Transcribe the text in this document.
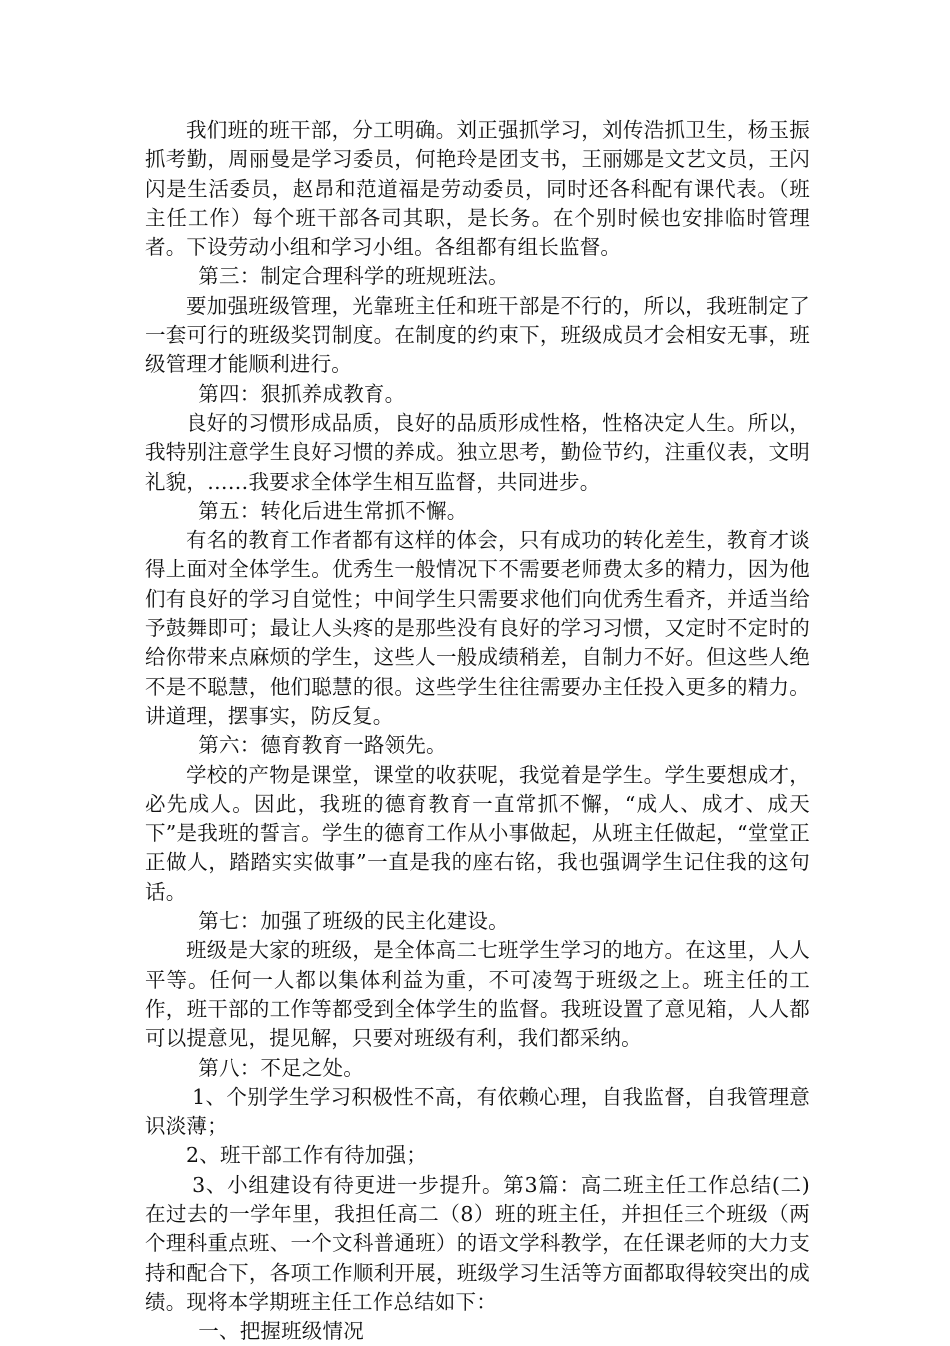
我们班的班干部，分工明确。刘正强抓学习，刘传浩抓卫生，杨玉振抓考勤，周丽曼是学习委员，何艳玲是团支书，王丽娜是文艺文员，王闪闪是生活委员，赵昂和范道福是劳动委员，同时还各科配有课代表。（班主任工作）每个班干部各司其职，是长务。在个别时候也安排临时管理者。下设劳动小组和学习小组。各组都有组长监督。

第三：制定合理科学的班规班法。

要加强班级管理，光靠班主任和班干部是不行的，所以，我班制定了一套可行的班级奖罚制度。在制度的约束下，班级成员才会相安无事，班级管理才能顺利进行。

第四：狠抓养成教育。

良好的习惯形成品质，良好的品质形成性格，性格决定人生。所以，我特别注意学生良好习惯的养成。独立思考，勤俭节约，注重仪表，文明礼貌，……我要求全体学生相互监督，共同进步。

第五：转化后进生常抓不懈。

有名的教育工作者都有这样的体会，只有成功的转化差生，教育才谈得上面对全体学生。优秀生一般情况下不需要老师费太多的精力，因为他们有良好的学习自觉性；中间学生只需要求他们向优秀生看齐，并适当给予鼓舞即可；最让人头疼的是那些没有良好的学习习惯，又定时不定时的给你带来点麻烦的学生，这些人一般成绩稍差，自制力不好。但这些人绝不是不聪慧，他们聪慧的很。这些学生往往需要办主任投入更多的精力。讲道理，摆事实，防反复。

第六：德育教育一路领先。

学校的产物是课堂，课堂的收获呢，我觉着是学生。学生要想成才，必先成人。因此，我班的德育教育一直常抓不懈，“成人、成才、成天下”是我班的誓言。学生的德育工作从小事做起，从班主任做起，“堂堂正正做人，踏踏实实做事”一直是我的座右铭，我也强调学生记住我的这句话。

第七：加强了班级的民主化建设。

班级是大家的班级，是全体高二七班学生学习的地方。在这里，人人平等。任何一人都以集体利益为重，不可凌驾于班级之上。班主任的工作，班干部的工作等都受到全体学生的监督。我班设置了意见箱，人人都可以提意见，提见解，只要对班级有利，我们都采纳。

第八：不足之处。

1、个别学生学习积极性不高，有依赖心理，自我监督，自我管理意识淡薄；

2、班干部工作有待加强；

3、小组建设有待更进一步提升。第3篇：高二班主任工作总结(二)在过去的一学年里，我担任高二（8）班的班主任，并担任三个班级（两个理科重点班、一个文科普通班）的语文学科教学，在任课老师的大力支持和配合下，各项工作顺利开展，班级学习生活等方面都取得较突出的成绩。现将本学期班主任工作总结如下：

一、把握班级情况
